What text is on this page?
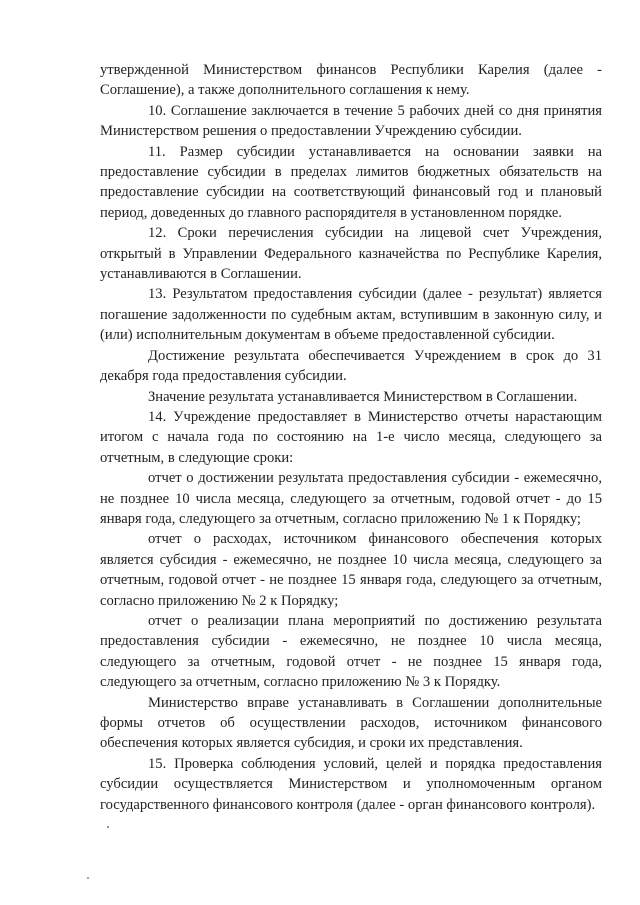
утвержденной Министерством финансов Республики Карелия (далее - Соглашение), а также дополнительного соглашения к нему.

10. Соглашение заключается в течение 5 рабочих дней со дня принятия Министерством решения о предоставлении Учреждению субсидии.

11. Размер субсидии устанавливается на основании заявки на предоставление субсидии в пределах лимитов бюджетных обязательств на предоставление субсидии на соответствующий финансовый год и плановый период, доведенных до главного распорядителя в установленном порядке.

12. Сроки перечисления субсидии на лицевой счет Учреждения, открытый в Управлении Федерального казначейства по Республике Карелия, устанавливаются в Соглашении.

13. Результатом предоставления субсидии (далее - результат) является погашение задолженности по судебным актам, вступившим в законную силу, и (или) исполнительным документам в объеме предоставленной субсидии.

Достижение результата обеспечивается Учреждением в срок до 31 декабря года предоставления субсидии.

Значение результата устанавливается Министерством в Соглашении.

14. Учреждение предоставляет в Министерство отчеты нарастающим итогом с начала года по состоянию на 1-е число месяца, следующего за отчетным, в следующие сроки:

отчет о достижении результата предоставления субсидии - ежемесячно, не позднее 10 числа месяца, следующего за отчетным, годовой отчет - до 15 января года, следующего за отчетным, согласно приложению № 1 к Порядку;

отчет о расходах, источником финансового обеспечения которых является субсидия - ежемесячно, не позднее 10 числа месяца, следующего за отчетным, годовой отчет - не позднее 15 января года, следующего за отчетным, согласно приложению № 2 к Порядку;

отчет о реализации плана мероприятий по достижению результата предоставления субсидии - ежемесячно, не позднее 10 числа месяца, следующего за отчетным, годовой отчет - не позднее 15 января года, следующего за отчетным, согласно приложению № 3 к Порядку.

Министерство вправе устанавливать в Соглашении дополнительные формы отчетов об осуществлении расходов, источником финансового обеспечения которых является субсидия, и сроки их представления.

15. Проверка соблюдения условий, целей и порядка предоставления субсидии осуществляется Министерством и уполномоченным органом государственного финансового контроля (далее - орган финансового контроля).
